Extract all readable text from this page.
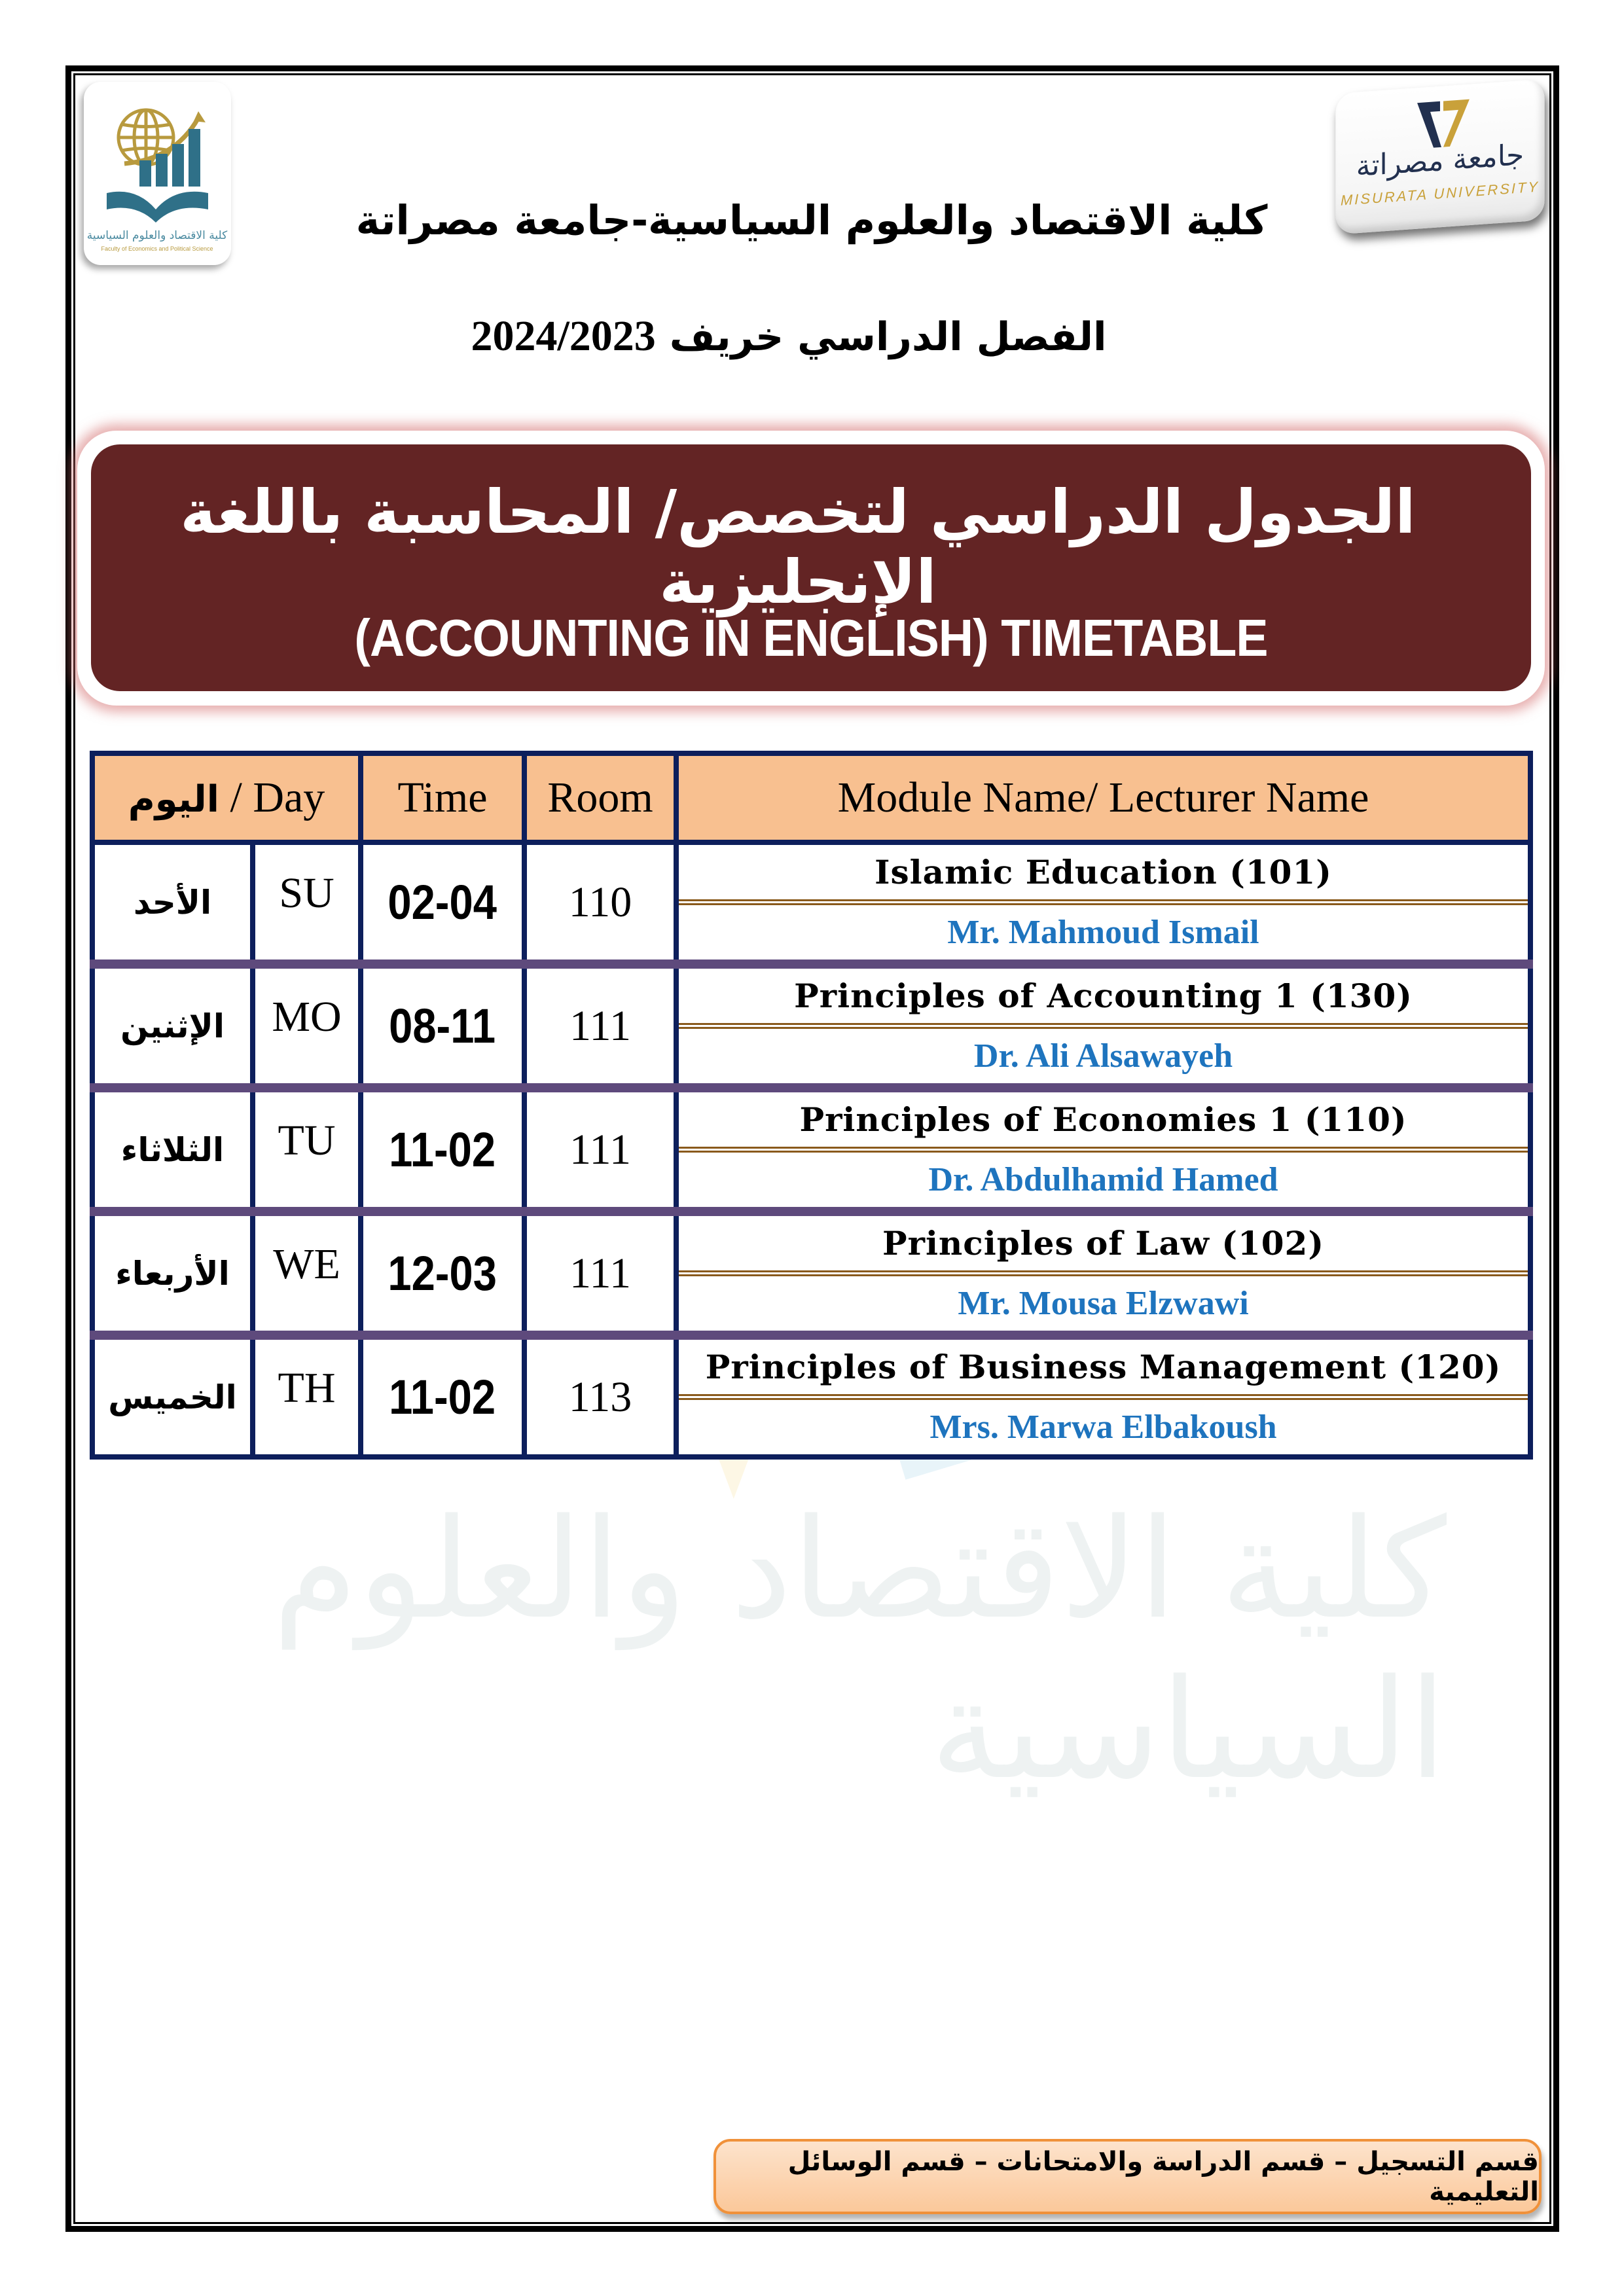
كلية الاقتصاد والعلوم السياسية
كلية الاقتصاد والعلوم السياسية
Faculty of Economics and Political Science
جامعة مصراتة
MISURATA UNIVERSITY
كلية الاقتصاد والعلوم السياسية-جامعة مصراتة
الفصل الدراسي خريف 2024/2023
الجدول الدراسي لتخصص/ المحاسبة باللغة الإنجليزية
(ACCOUNTING IN ENGLISH) TIMETABLE
اليوم / Day		Time	Room	Module Name/ Lecturer Name
الأحد	SU	02-04	110	Islamic Education (101)
Mr. Mahmoud Ismail

الإثنين	MO	08-11	111	Principles of Accounting 1 (130)
Dr. Ali Alsawayeh

الثلاثاء	TU	11-02	111	Principles of Economies 1 (110)
Dr. Abdulhamid Hamed

الأربعاء	WE	12-03	111	Principles of Law (102)
Mr. Mousa Elzwawi

الخميس	TH	11-02	113	Principles of Business Management (120)
Mrs. Marwa Elbakoush
قسم التسجيل – قسم الدراسة والامتحانات – قسم الوسائل التعليمية
